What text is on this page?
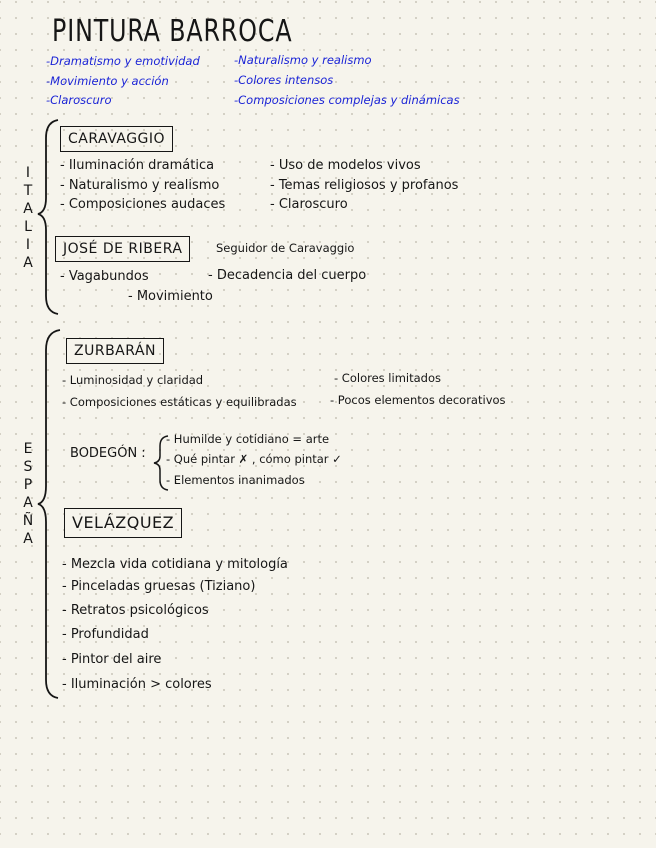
PINTURA BARROCA
-Dramatismo y emotividad
-Movimiento y acción
-Claroscuro
-Naturalismo y realismo
-Colores intensos
-Composiciones complejas y dinámicas
I
T
A
L
I
A
CARAVAGGIO
- Iluminación dramática
- Naturalismo y realismo
- Composiciones audaces
- Uso de modelos vivos
- Temas religiosos y profanos
- Claroscuro
JOSÉ DE RIBERA	Seguidor de Caravaggio
- Vagabundos	- Decadencia del cuerpo
- Movimiento
E
S
P
A
Ñ
A
ZURBARÁN
- Luminosidad y claridad
- Composiciones estáticas y equilibradas
- Colores limitados
- Pocos elementos decorativos
BODEGÓN :
- Humilde y cotidiano = arte
- Qué pintar ✗ , cómo pintar ✓
- Elementos inanimados
VELÁZQUEZ
- Mezcla vida cotidiana y mitología
- Pinceladas gruesas (Tiziano)
- Retratos psicológicos
- Profundidad
- Pintor del aire
- Iluminación > colores
